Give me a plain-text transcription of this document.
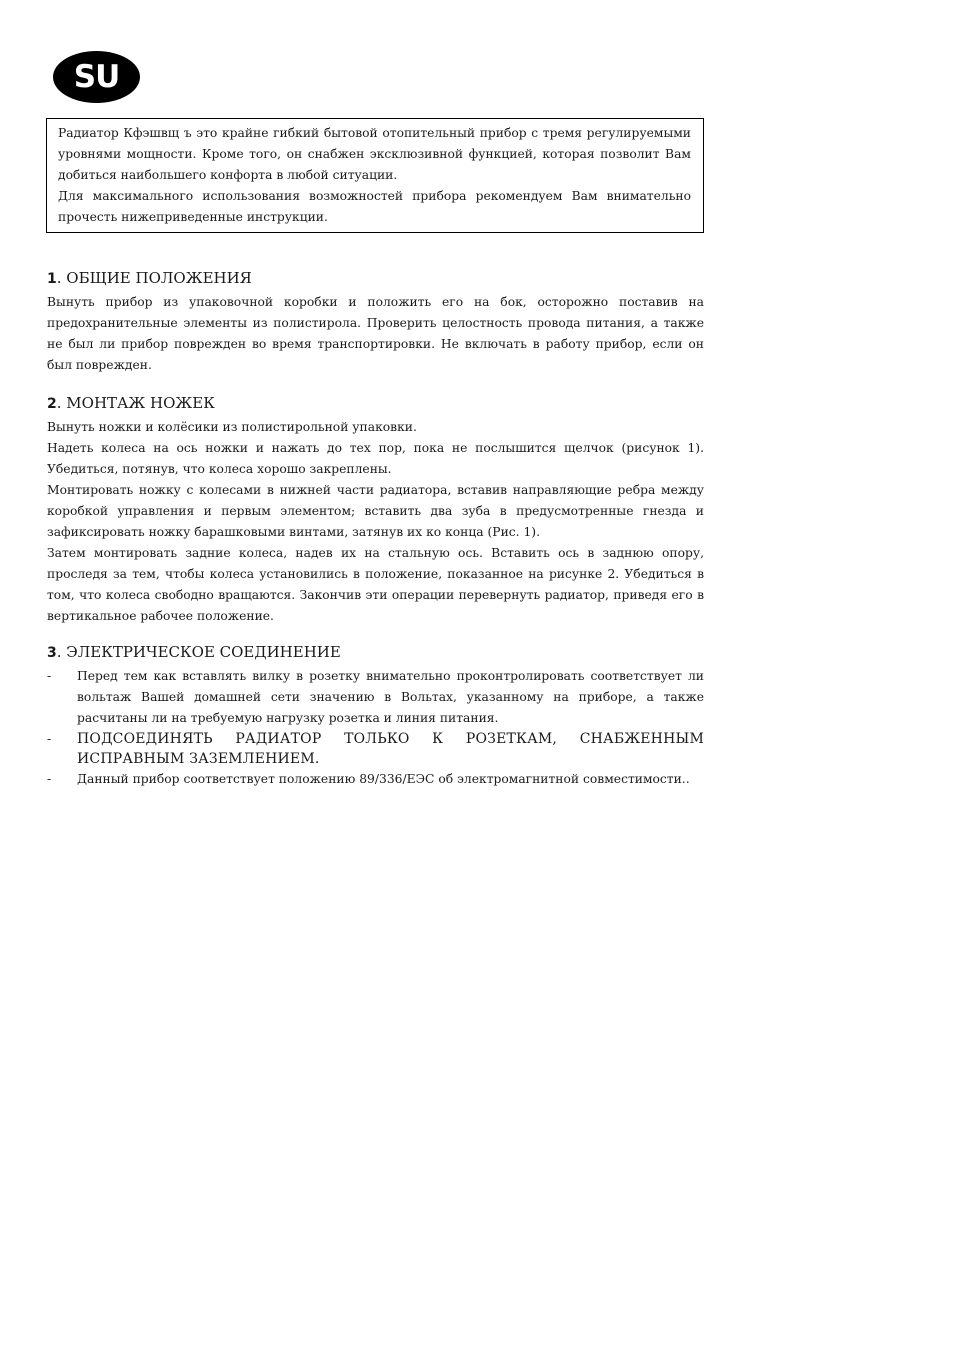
SU

Радиатор Кфэшвщ ъ это крайне гибкий бытовой отопительный прибор с тремя регулируемыми уровнями мощности. Кроме того, он снабжен эксклюзивной функцией, которая позволит Вам добиться наибольшего конфорта в любой ситуации.

Для максимального использования возможностей прибора рекомендуем Вам внимательно прочесть нижеприведенные инструкции.

1. ОБЩИЕ ПОЛОЖЕНИЯ

Вынуть прибор из упаковочной коробки и положить его на бок, осторожно поставив на предохранительные элементы из полистирола. Проверить целостность провода питания, а также не был ли прибор поврежден во время транспортировки. Не включать в работу прибор, если он был поврежден.

2. МОНТАЖ НОЖЕК

Вынуть ножки и колёсики из полистирольной упаковки.

Надеть колеса на ось ножки и нажать до тех пор, пока не послышится щелчок (рисунок 1). Убедиться, потянув, что колеса хорошо закреплены.

Монтировать ножку с колесами в нижней части радиатора, вставив направляющие ребра между коробкой управления и первым элементом; вставить два зуба в предусмотренные гнезда и зафиксировать ножку барашковыми винтами, затянув их ко конца (Рис. 1).

Затем монтировать задние колеса, надев их на стальную ось. Вставить ось в заднюю опору, проследя за тем, чтобы колеса установились в положение, показанное на рисунке 2. Убедиться в том, что колеса свободно вращаются. Закончив эти операции перевернуть радиатор, приведя его в вертикальное рабочее положение.

3. ЭЛЕКТРИЧЕСКОЕ СОЕДИНЕНИЕ
-	Перед тем как вставлять вилку в розетку внимательно проконтролировать соответствует ли вольтаж Вашей домашней сети значению в Вольтах, указанному на приборе, а также расчитаны ли на требуемую нагрузку розетка и линия питания.
-	ПОДСОЕДИНЯТЬ РАДИАТОР ТОЛЬКО К РОЗЕТКАМ, СНАБЖЕННЫМ ИСПРАВНЫМ ЗАЗЕМЛЕНИЕМ.
-	Данный прибор соответствует положению 89/336/ЕЭС об электромагнитной совместимости..
